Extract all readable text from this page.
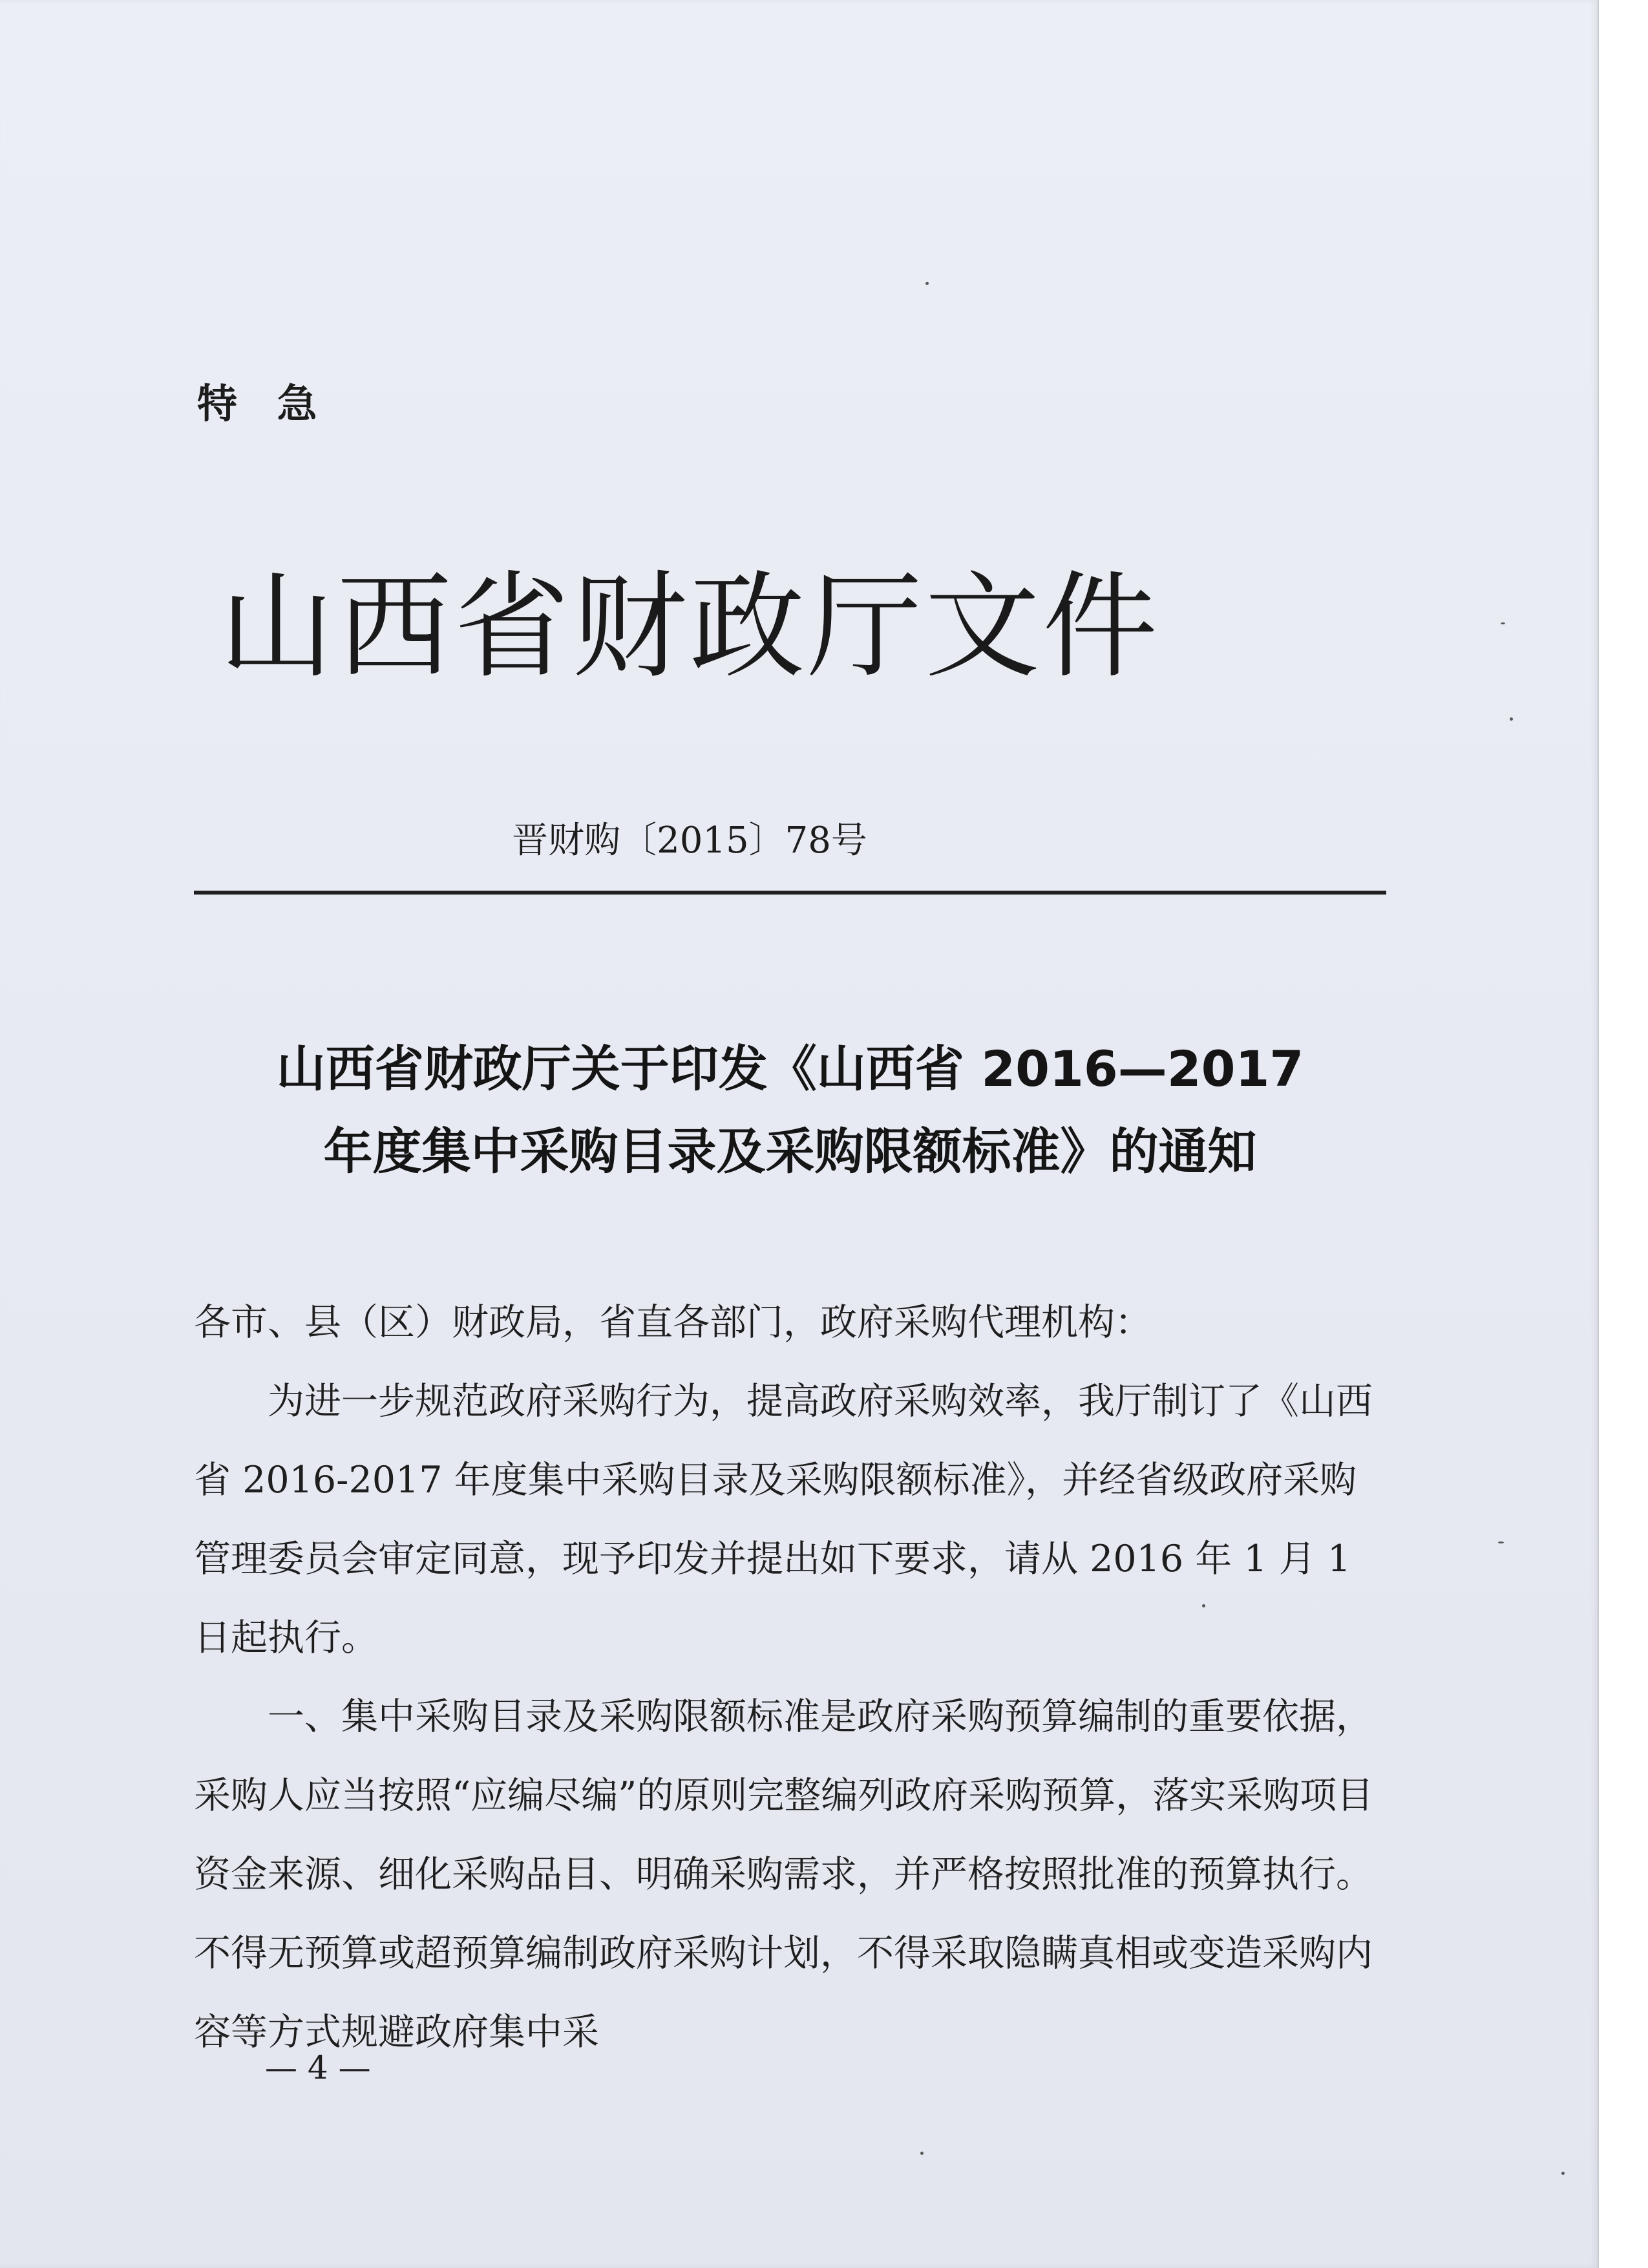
特 急
山西省财政厅文件
晋财购〔2015〕78号
山西省财政厅关于印发《山西省 2016—2017
年度集中采购目录及采购限额标准》的通知

各市、县（区）财政局，省直各部门，政府采购代理机构：

为进一步规范政府采购行为，提高政府采购效率，我厅制订了《山西省 2016-2017 年度集中采购目录及采购限额标准》，并经省级政府采购管理委员会审定同意，现予印发并提出如下要求，请从 2016 年 1 月 1 日起执行。

一、集中采购目录及采购限额标准是政府采购预算编制的重要依据，采购人应当按照“应编尽编”的原则完整编列政府采购预算，落实采购项目资金来源、细化采购品目、明确采购需求，并严格按照批准的预算执行。不得无预算或超预算编制政府采购计划，不得采取隐瞒真相或变造采购内容等方式规避政府集中采

— 4 —
